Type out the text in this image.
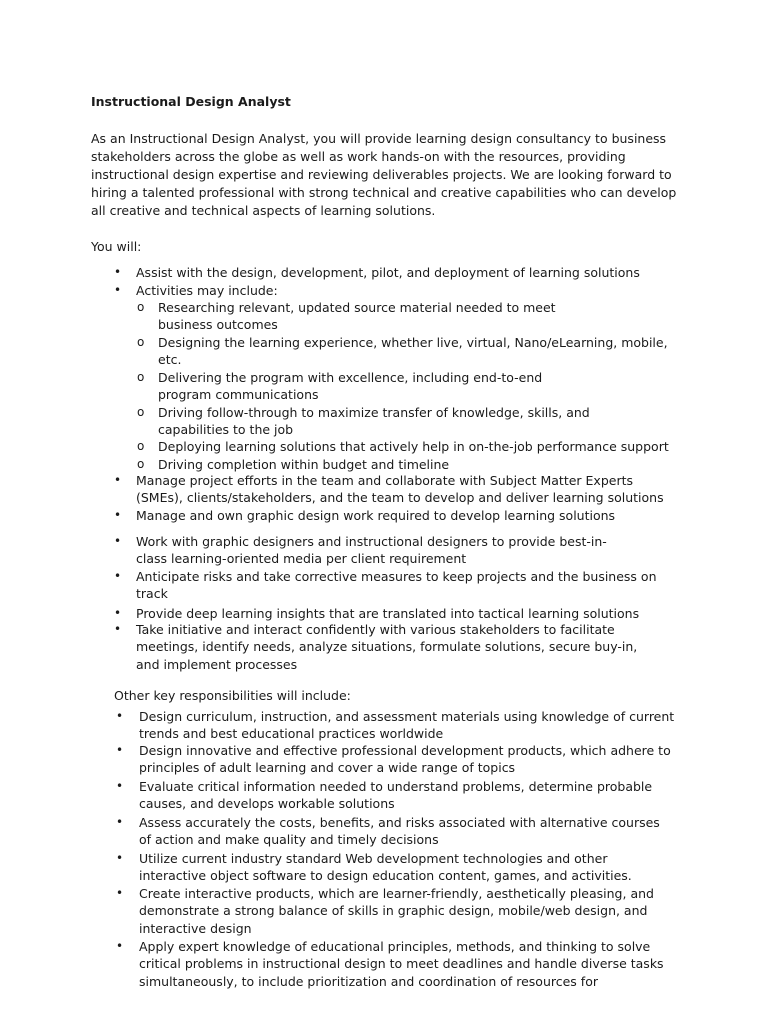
Instructional Design Analyst
As an Instructional Design Analyst, you will provide learning design consultancy to business
stakeholders across the globe as well as work hands-on with the resources, providing
instructional design expertise and reviewing deliverables projects. We are looking forward to
hiring a talented professional with strong technical and creative capabilities who can develop
all creative and technical aspects of learning solutions.
You will:
• Assist with the design, development, pilot, and deployment of learning solutions
• Activities may include:
o Researching relevant, updated source material needed to meet
business outcomes
o Designing the learning experience, whether live, virtual, Nano/eLearning, mobile,
etc.
o Delivering the program with excellence, including end-to-end
program communications
o Driving follow-through to maximize transfer of knowledge, skills, and
capabilities to the job
o Deploying learning solutions that actively help in on-the-job performance support
o Driving completion within budget and timeline
• Manage project efforts in the team and collaborate with Subject Matter Experts
(SMEs), clients/stakeholders, and the team to develop and deliver learning solutions
• Manage and own graphic design work required to develop learning solutions
• Work with graphic designers and instructional designers to provide best-in-
class learning-oriented media per client requirement
• Anticipate risks and take corrective measures to keep projects and the business on
track
• Provide deep learning insights that are translated into tactical learning solutions
• Take initiative and interact confidently with various stakeholders to facilitate
meetings, identify needs, analyze situations, formulate solutions, secure buy-in,
and implement processes
• Design curriculum, instruction, and assessment materials using knowledge of current
trends and best educational practices worldwide
• Design innovative and effective professional development products, which adhere to
principles of adult learning and cover a wide range of topics
• Evaluate critical information needed to understand problems, determine probable
causes, and develops workable solutions
• Assess accurately the costs, benefits, and risks associated with alternative courses
of action and make quality and timely decisions
• Utilize current industry standard Web development technologies and other
interactive object software to design education content, games, and activities.
• Create interactive products, which are learner-friendly, aesthetically pleasing, and
demonstrate a strong balance of skills in graphic design, mobile/web design, and
interactive design
• Apply expert knowledge of educational principles, methods, and thinking to solve
critical problems in instructional design to meet deadlines and handle diverse tasks
simultaneously, to include prioritization and coordination of resources for
Other key responsibilities will include:
